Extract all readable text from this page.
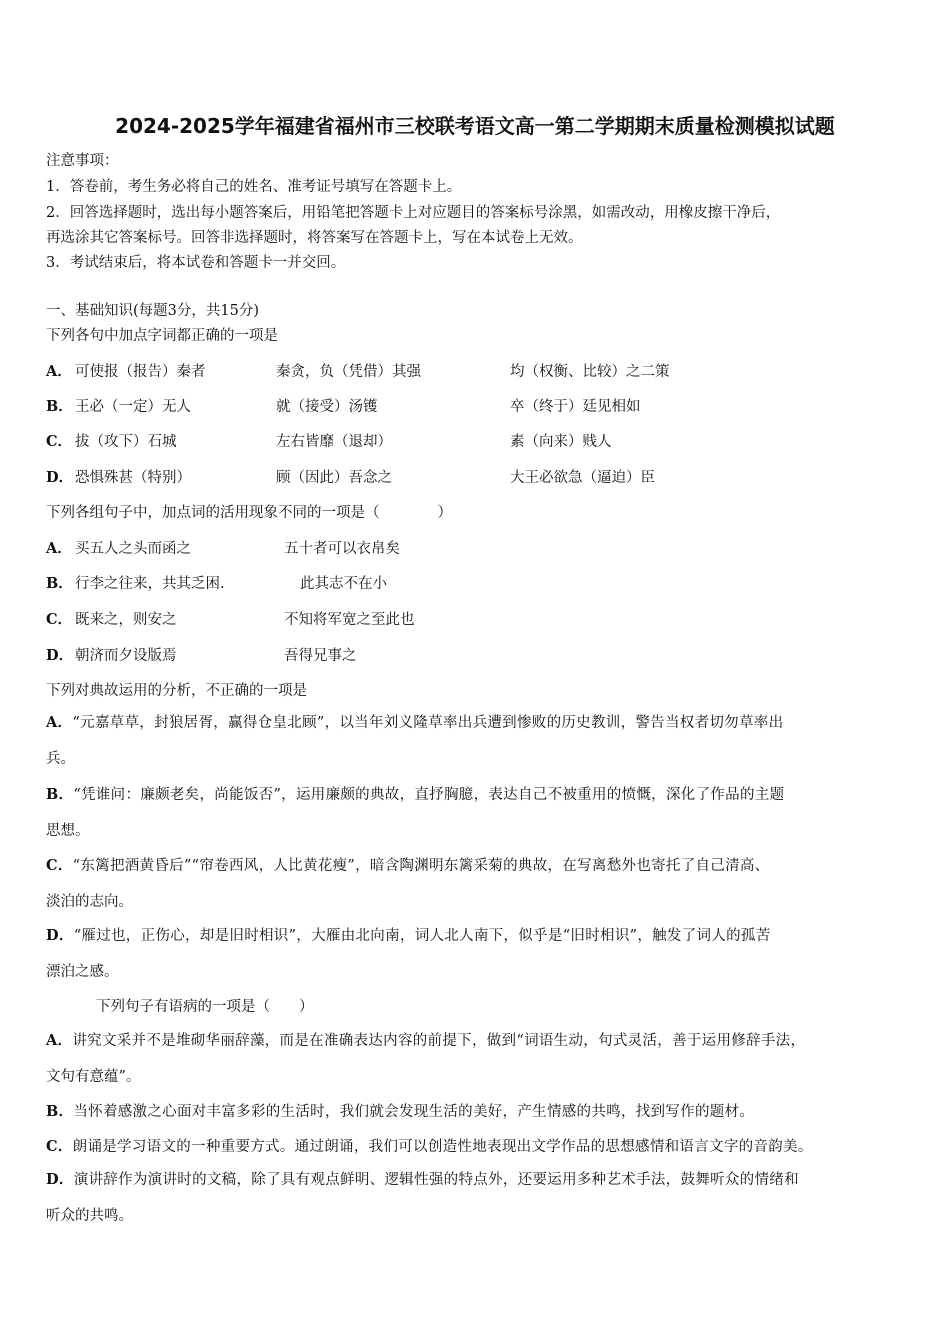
2024-2025学年福建省福州市三校联考语文高一第二学期期末质量检测模拟试题
注意事项：
1．答卷前，考生务必将自己的姓名、准考证号填写在答题卡上。
2．回答选择题时，选出每小题答案后，用铅笔把答题卡上对应题目的答案标号涂黑，如需改动，用橡皮擦干净后，
再选涂其它答案标号。回答非选择题时，将答案写在答题卡上，写在本试卷上无效。
3．考试结束后，将本试卷和答题卡一并交回。
一、基础知识(每题3分，共15分)
下列各句中加点字词都正确的一项是
A． 可使报（报告）秦者	秦贪，负（凭借）其强	均（权衡、比较）之二策
B． 王必（一定）无人	就（接受）汤镬	卒（终于）廷见相如
C． 拔（攻下）石城	左右皆靡（退却）	素（向来）贱人
D． 恐惧殊甚（特别）	顾（因此）吾念之	大王必欲急（逼迫）臣
下列各组句子中，加点词的活用现象不同的一项是（　　　　）
A． 买五人之头而函之	五十者可以衣帛矣
B． 行李之往来，共其乏困.	此其志不在小
C． 既来之，则安之	不知将军宽之至此也
D． 朝济而夕设版焉	吾得兄事之
下列对典故运用的分析，不正确的一项是
A．“元嘉草草，封狼居胥，赢得仓皇北顾”，以当年刘义隆草率出兵遭到惨败的历史教训，警告当权者切勿草率出
兵。
B．“凭谁问：廉颇老矣，尚能饭否”，运用廉颇的典故，直抒胸臆，表达自己不被重用的愤慨，深化了作品的主题
思想。
C．“东篱把酒黄昏后”“帘卷西风，人比黄花瘦”，暗含陶渊明东篱采菊的典故，在写离愁外也寄托了自己清高、
淡泊的志向。
D．“雁过也，正伤心，却是旧时相识”，大雁由北向南，词人北人南下，似乎是“旧时相识”，触发了词人的孤苦
漂泊之感。
下列句子有语病的一项是（　　）
A．讲究文采并不是堆砌华丽辞藻，而是在准确表达内容的前提下，做到“词语生动，句式灵活，善于运用修辞手法，
文句有意蕴”。
B．当怀着感激之心面对丰富多彩的生活时，我们就会发现生活的美好，产生情感的共鸣，找到写作的题材。
C．朗诵是学习语文的一种重要方式。通过朗诵，我们可以创造性地表现出文学作品的思想感情和语言文字的音韵美。
D．演讲辞作为演讲时的文稿，除了具有观点鲜明、逻辑性强的特点外，还要运用多种艺术手法，鼓舞听众的情绪和
听众的共鸣。
